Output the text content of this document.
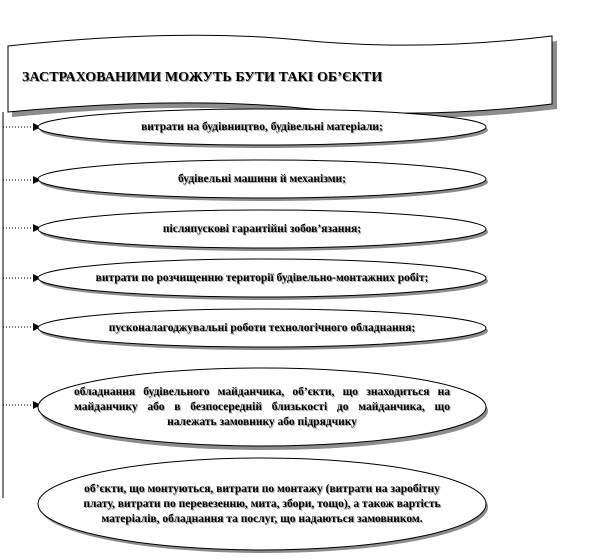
ЗАСТРАХОВАНИМИ МОЖУТЬ БУТИ ТАКІ ОБ’ЄКТИ
витрати на будівництво, будівельні матеріали;
будівельні машини й механізми;
післяпускові гарантійні зобов’язання;
витрати по розчищенню території будівельно-монтажних робіт;
пусконалагоджувальні роботи технологічного обладнання;
обладнання будівельного майданчика, об’єкти, що знаходиться на майданчику або в безпосередній близькості до майданчика, що належать замовнику або підрядчику
об’єкти, що монтуються, витрати по монтажу (витрати на заробітну плату, витрати по перевезенню, мита, збори, тощо), а також вартість матеріалів, обладнання та послуг, що надаються замовником.
